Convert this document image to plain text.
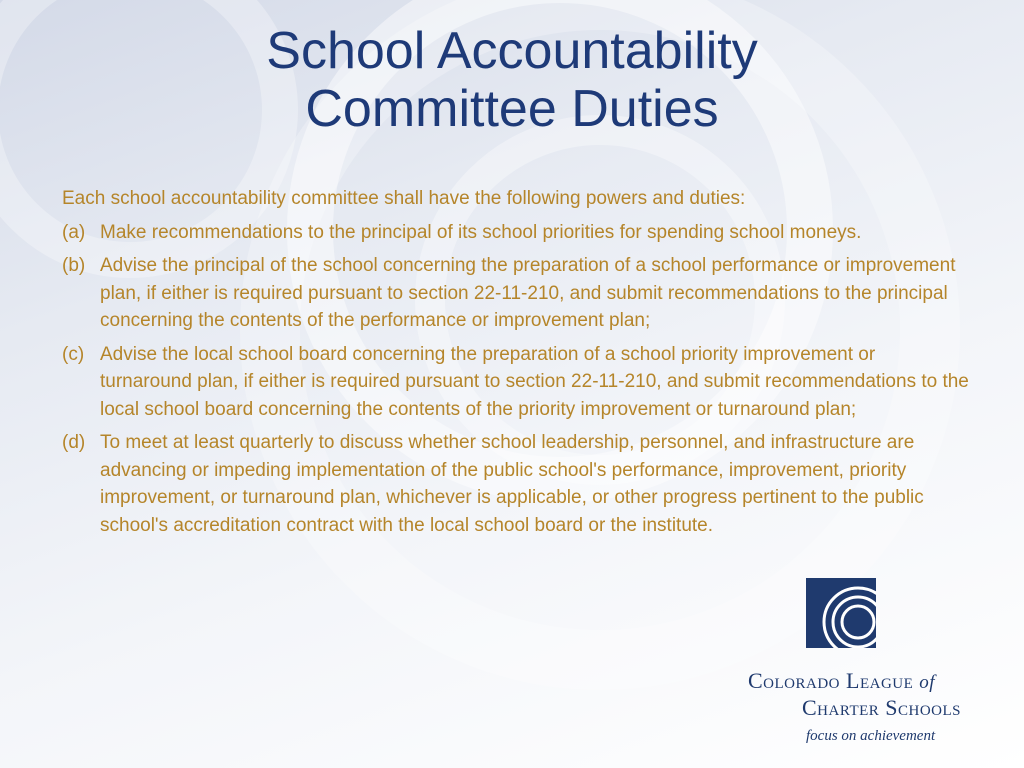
School Accountability
Committee Duties
Each school accountability committee shall have the following powers and duties:
(a) Make recommendations to the principal of its school priorities for spending school moneys.
(b) Advise the principal of the school concerning the preparation of a school performance or improvement plan, if either is required pursuant to section 22-11-210, and submit recommendations to the principal concerning the contents of the performance or improvement plan;
(c) Advise the local school board concerning the preparation of a school priority improvement or turnaround plan, if either is required pursuant to section 22-11-210, and submit recommendations to the local school board concerning the contents of the priority improvement or turnaround plan;
(d) To meet at least quarterly to discuss whether school leadership, personnel, and infrastructure are advancing or impeding implementation of the public school's performance, improvement, priority improvement, or turnaround plan, whichever is applicable, or other progress pertinent to the public school's accreditation contract with the local school board or the institute.
Colorado League of
Charter Schools
focus on achievement
